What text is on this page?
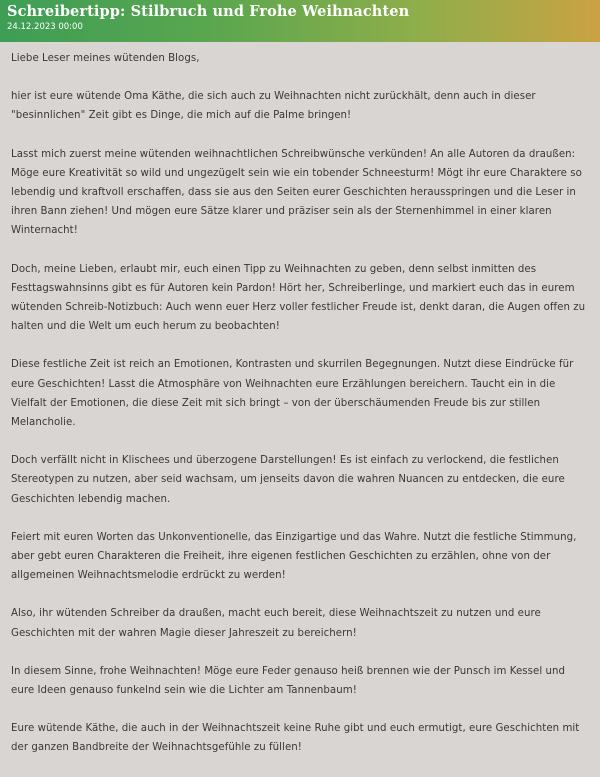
Schreibertipp: Stilbruch und Frohe Weihnachten
24.12.2023 00:00

Liebe Leser meines wütenden Blogs,

hier ist eure wütende Oma Käthe, die sich auch zu Weihnachten nicht zurückhält, denn auch in dieser "besinnlichen" Zeit gibt es Dinge, die mich auf die Palme bringen!

Lasst mich zuerst meine wütenden weihnachtlichen Schreibwünsche verkünden! An alle Autoren da draußen: Möge eure Kreativität so wild und ungezügelt sein wie ein tobender Schneesturm! Mögt ihr eure Charaktere so lebendig und kraftvoll erschaffen, dass sie aus den Seiten eurer Geschichten herausspringen und die Leser in ihren Bann ziehen! Und mögen eure Sätze klarer und präziser sein als der Sternenhimmel in einer klaren Winternacht!

Doch, meine Lieben, erlaubt mir, euch einen Tipp zu Weihnachten zu geben, denn selbst inmitten des Festtagswahnsinns gibt es für Autoren kein Pardon! Hört her, Schreiberlinge, und markiert euch das in eurem wütenden Schreib-Notizbuch: Auch wenn euer Herz voller festlicher Freude ist, denkt daran, die Augen offen zu halten und die Welt um euch herum zu beobachten!

Diese festliche Zeit ist reich an Emotionen, Kontrasten und skurrilen Begegnungen. Nutzt diese Eindrücke für eure Geschichten! Lasst die Atmosphäre von Weihnachten eure Erzählungen bereichern. Taucht ein in die Vielfalt der Emotionen, die diese Zeit mit sich bringt – von der überschäumenden Freude bis zur stillen Melancholie.

Doch verfällt nicht in Klischees und überzogene Darstellungen! Es ist einfach zu verlockend, die festlichen Stereotypen zu nutzen, aber seid wachsam, um jenseits davon die wahren Nuancen zu entdecken, die eure Geschichten lebendig machen.

Feiert mit euren Worten das Unkonventionelle, das Einzigartige und das Wahre. Nutzt die festliche Stimmung, aber gebt euren Charakteren die Freiheit, ihre eigenen festlichen Geschichten zu erzählen, ohne von der allgemeinen Weihnachtsmelodie erdrückt zu werden!

Also, ihr wütenden Schreiber da draußen, macht euch bereit, diese Weihnachtszeit zu nutzen und eure Geschichten mit der wahren Magie dieser Jahreszeit zu bereichern!

In diesem Sinne, frohe Weihnachten! Möge eure Feder genauso heiß brennen wie der Punsch im Kessel und eure Ideen genauso funkelnd sein wie die Lichter am Tannenbaum!

Eure wütende Käthe, die auch in der Weihnachtszeit keine Ruhe gibt und euch ermutigt, eure Geschichten mit der ganzen Bandbreite der Weihnachtsgefühle zu füllen!
